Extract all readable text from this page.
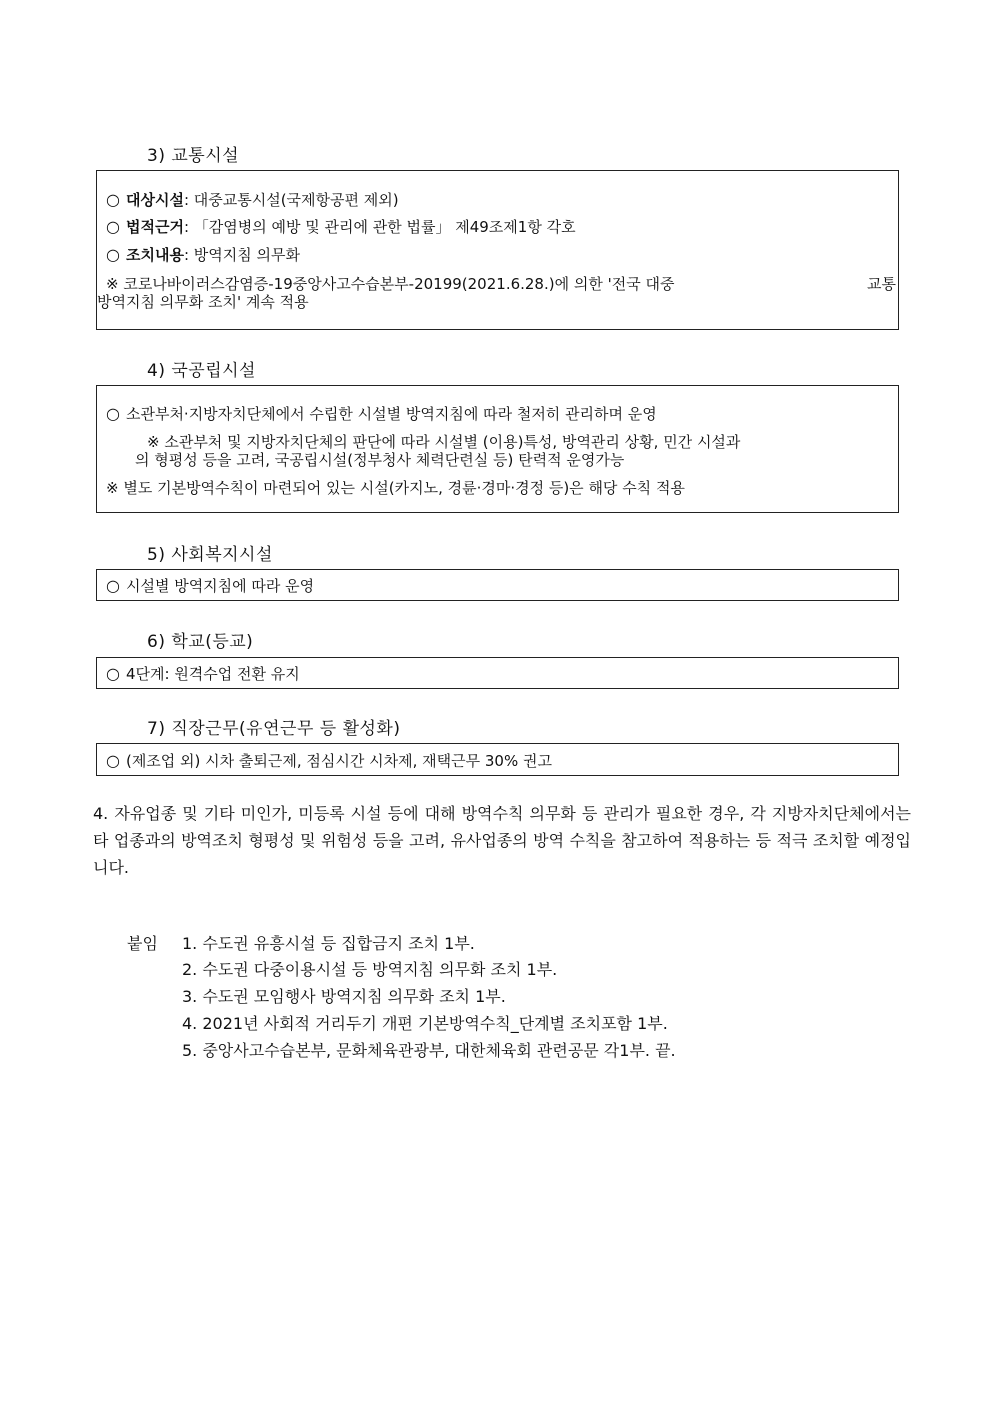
3) 교통시설
○ 대상시설: 대중교통시설(국제항공편 제외)
○ 법적근거: 「감염병의 예방 및 관리에 관한 법률」 제49조제1항 각호
○ 조치내용: 방역지침 의무화
※ 코로나바이러스감염증-19중앙사고수습본부-20199(2021.6.28.)에 의한 '전국 대중	교통
방역지침 의무화 조치' 계속 적용
4) 국공립시설
○ 소관부처·지방자치단체에서 수립한 시설별 방역지침에 따라 철저히 관리하며 운영
※ 소관부처 및 지방자치단체의 판단에 따라 시설별 (이용)특성, 방역관리 상황, 민간 시설과
의 형평성 등을 고려, 국공립시설(정부청사 체력단련실 등) 탄력적 운영가능
※ 별도 기본방역수칙이 마련되어 있는 시설(카지노, 경륜·경마·경정 등)은 해당 수칙 적용
5) 사회복지시설
○ 시설별 방역지침에 따라 운영
6) 학교(등교)
○ 4단계: 원격수업 전환 유지
7) 직장근무(유연근무 등 활성화)
○ (제조업 외) 시차 출퇴근제, 점심시간 시차제, 재택근무 30% 권고
4. 자유업종 및 기타 미인가, 미등록 시설 등에 대해 방역수칙 의무화 등 관리가 필요한 경우, 각 지방자치단체에서는 타 업종과의 방역조치 형평성 및 위험성 등을 고려, 유사업종의 방역 수칙을 참고하여 적용하는 등 적극 조치할 예정입니다.
붙임 1. 수도권 유흥시설 등 집합금지 조치 1부.
2. 수도권 다중이용시설 등 방역지침 의무화 조치 1부.
3. 수도권 모임행사 방역지침 의무화 조치 1부.
4. 2021년 사회적 거리두기 개편 기본방역수칙_단계별 조치포함 1부.
5. 중앙사고수습본부, 문화체육관광부, 대한체육회 관련공문 각1부. 끝.
